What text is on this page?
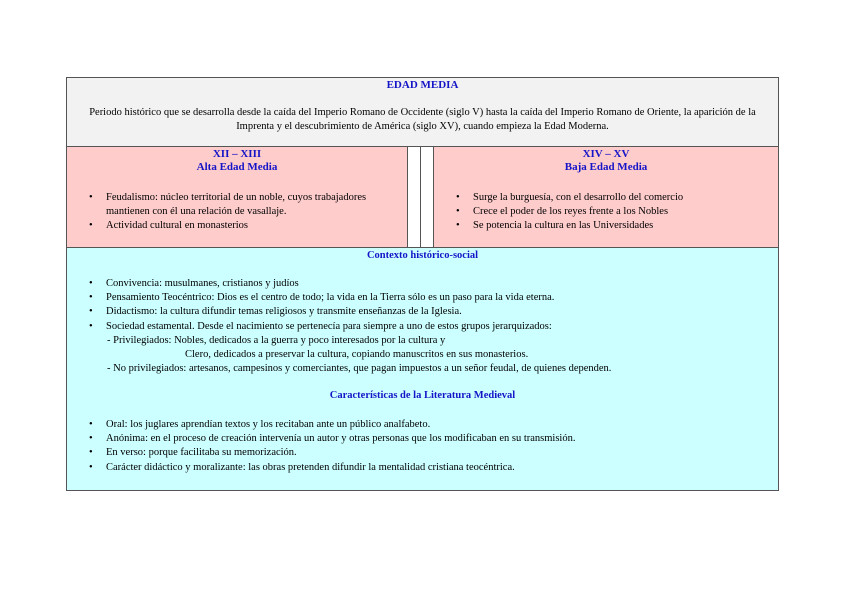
EDAD MEDIA
Periodo histórico que se desarrolla desde la caída del Imperio Romano de Occidente (siglo V) hasta la caída del Imperio Romano de Oriente, la aparición de la Imprenta y el descubrimiento de América (siglo XV), cuando empieza la Edad Moderna.
XII – XIII
Alta Edad Media
• Feudalismo: núcleo territorial de un noble, cuyos trabajadores mantienen con él una relación de vasallaje.
• Actividad cultural en monasterios
XIV – XV
Baja Edad Media
• Surge la burguesía, con el desarrollo del comercio
• Crece el poder de los reyes frente a los Nobles
• Se potencia la cultura en las Universidades
Contexto histórico-social
• Convivencia: musulmanes, cristianos y judíos
• Pensamiento Teocéntrico: Dios es el centro de todo; la vida en la Tierra sólo es un paso para la vida eterna.
• Didactismo: la cultura difundir temas religiosos y transmite enseñanzas de la Iglesia.
• Sociedad estamental. Desde el nacimiento se pertenecía para siempre a uno de estos grupos jerarquizados:
- Privilegiados: Nobles, dedicados a la guerra y poco interesados por la cultura y
Clero, dedicados a preservar la cultura, copiando manuscritos en sus monasterios.
- No privilegiados: artesanos, campesinos y comerciantes, que pagan impuestos a un señor feudal, de quienes dependen.
Características de la Literatura Medieval
• Oral: los juglares aprendían textos y los recitaban ante un público analfabeto.
• Anónima: en el proceso de creación intervenía un autor y otras personas que los modificaban en su transmisión.
• En verso: porque facilitaba su memorización.
• Carácter didáctico y moralizante: las obras pretenden difundir la mentalidad cristiana teocéntrica.
